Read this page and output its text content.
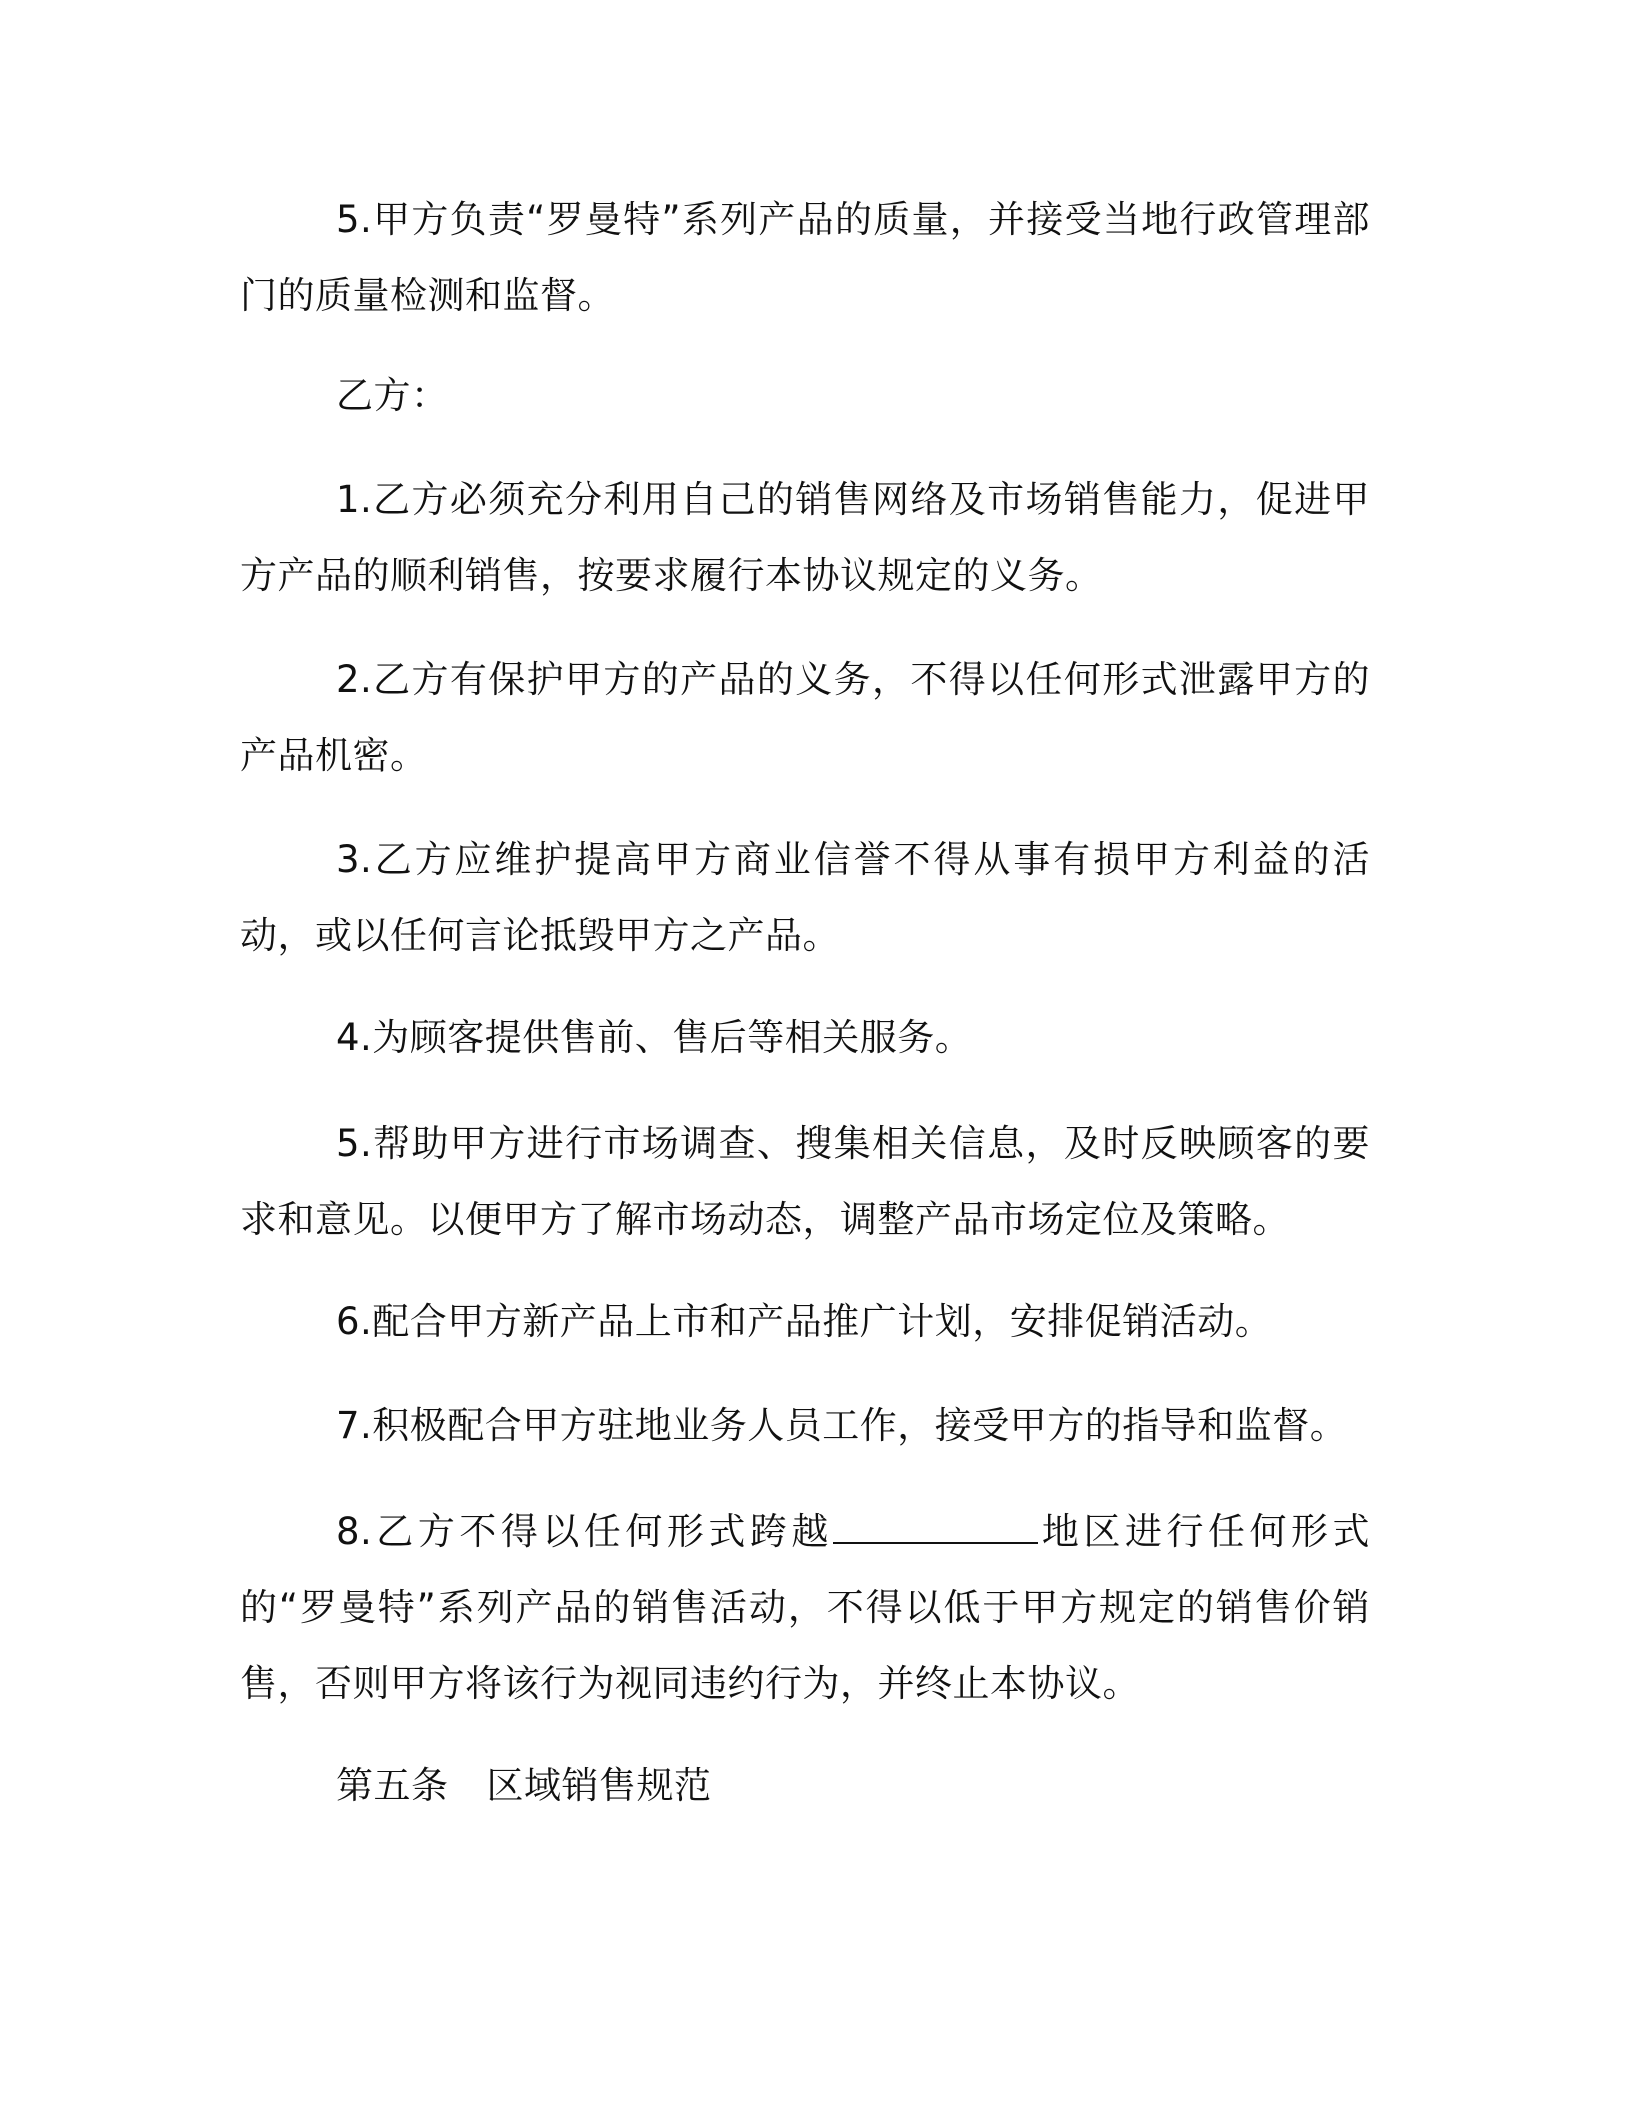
5.甲方负责“罗曼特”系列产品的质量，并接受当地行政管理部门的质量检测和监督。

乙方：

1.乙方必须充分利用自己的销售网络及市场销售能力，促进甲方产品的顺利销售，按要求履行本协议规定的义务。

2.乙方有保护甲方的产品的义务，不得以任何形式泄露甲方的产品机密。

3.乙方应维护提高甲方商业信誉不得从事有损甲方利益的活动，或以任何言论抵毁甲方之产品。

4.为顾客提供售前、售后等相关服务。

5.帮助甲方进行市场调查、搜集相关信息，及时反映顾客的要求和意见。以便甲方了解市场动态，调整产品市场定位及策略。

6.配合甲方新产品上市和产品推广计划，安排促销活动。

7.积极配合甲方驻地业务人员工作，接受甲方的指导和监督。

8.乙方不得以任何形式跨越	地区进行任何形式的“罗曼特”系列产品的销售活动，不得以低于甲方规定的销售价销售，否则甲方将该行为视同违约行为，并终止本协议。

第五条 区域销售规范
